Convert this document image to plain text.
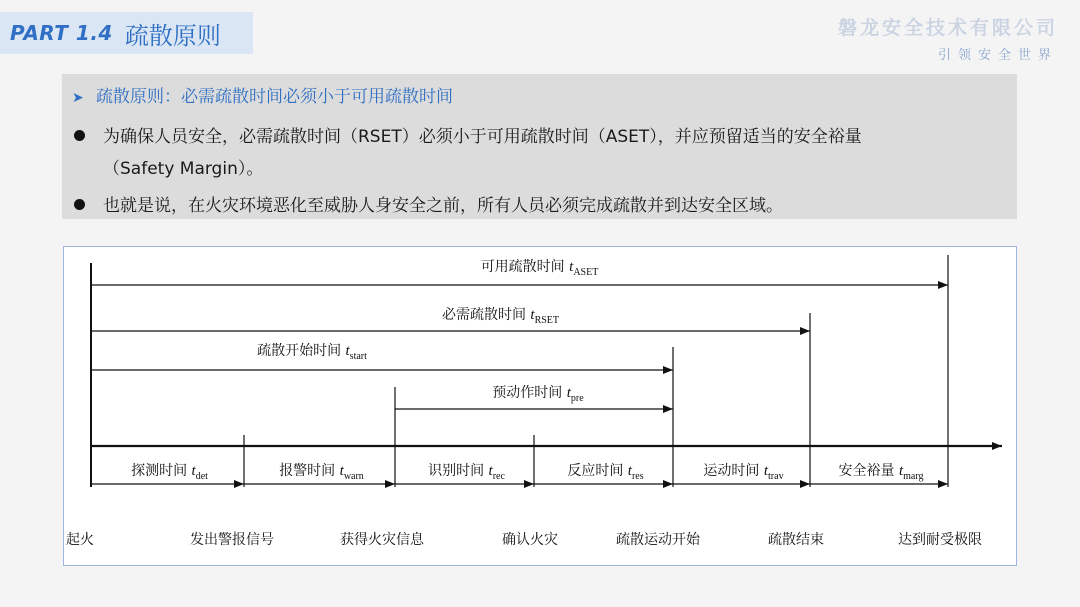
PART 1.4 疏散原则	磐龙安全技术有限公司
引领安全世界
➤ 疏散原则：必需疏散时间必须小于可用疏散时间
为确保人员安全，必需疏散时间（RSET）必须小于可用疏散时间（ASET），并应预留适当的安全裕量
（Safety Margin）。
也就是说，在火灾环境恶化至威胁人身安全之前，所有人员必须完成疏散并到达安全区域。
可用疏散时间 $t_{ASET}$
必需疏散时间 $t_{RSET}$
疏散开始时间 $t_{start}$
预动作时间 $t_{pre}$
探测时间 $t_{det}$	报警时间 $t_{warn}$	识别时间 $t_{rec}$	反应时间 $t_{res}$	运动时间 $t_{trav}$	安全裕量 $t_{marg}$
起火	发出警报信号	获得火灾信息	确认火灾	疏散运动开始	疏散结束	达到耐受极限
